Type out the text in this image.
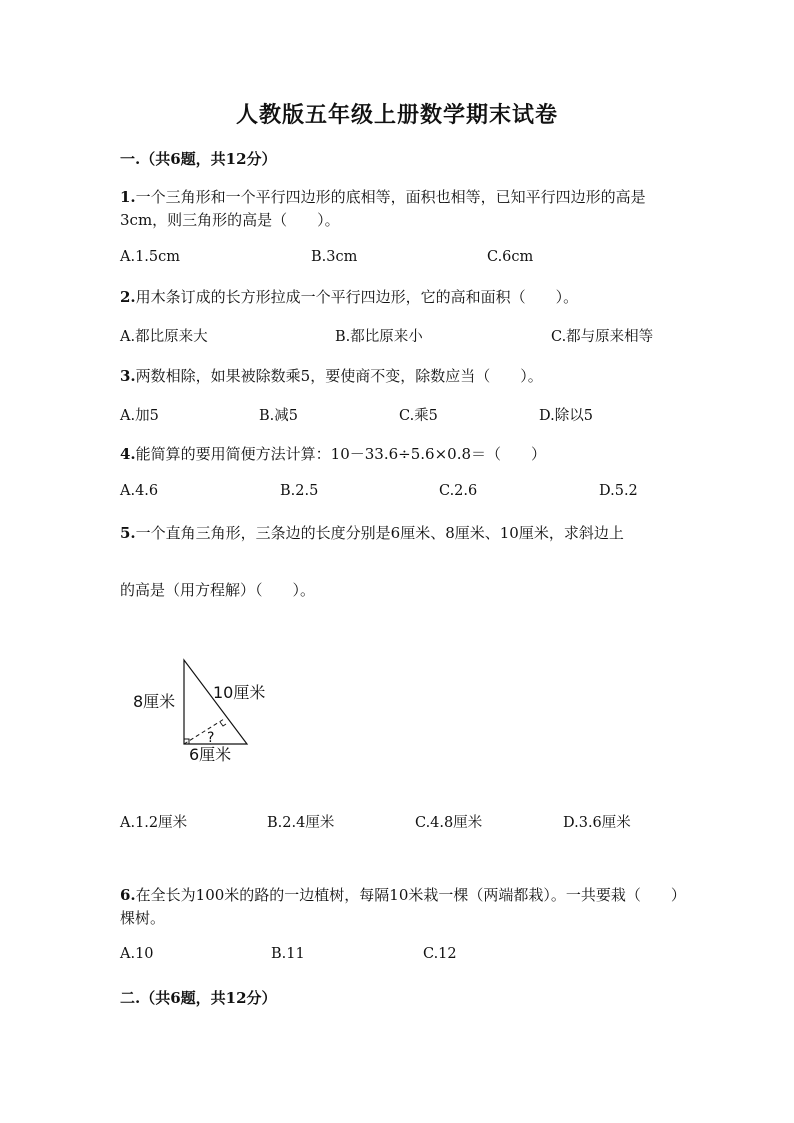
人教版五年级上册数学期末试卷
一.（共6题，共12分）
1.一个三角形和一个平行四边形的底相等，面积也相等，已知平行四边形的高是3cm，则三角形的高是（　　）。
A.1.5cm	B.3cm	C.6cm
2.用木条订成的长方形拉成一个平行四边形，它的高和面积（　　）。
A.都比原来大	B.都比原来小	C.都与原来相等
3.两数相除，如果被除数乘5，要使商不变，除数应当（　　）。
A.加5	B.减5	C.乘5	D.除以5
4.能简算的要用简便方法计算：10－33.6÷5.6×0.8＝（　　）
A.4.6	B.2.5	C.2.6	D.5.2
5.一个直角三角形，三条边的长度分别是6厘米、8厘米、10厘米，求斜边上
的高是（用方程解）（　　）。
8厘米 10厘米
6厘米
?
A.1.2厘米	B.2.4厘米	C.4.8厘米	D.3.6厘米
6.在全长为100米的路的一边植树，每隔10米栽一棵（两端都栽）。一共要栽（　　）棵树。
A.10	B.11	C.12
二.（共6题，共12分）
